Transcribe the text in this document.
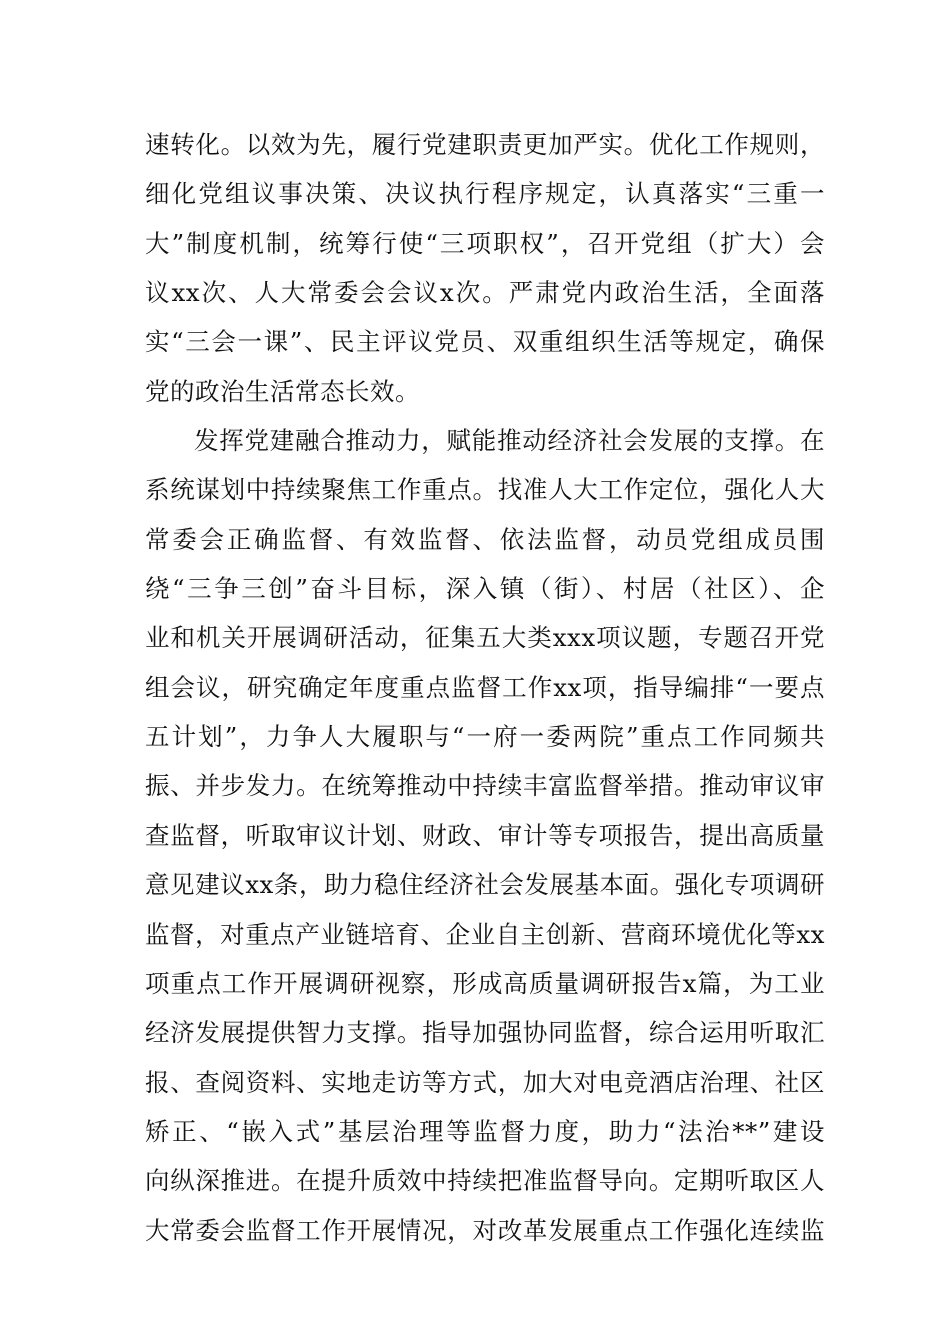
速转化。以效为先，履行党建职责更加严实。优化工作规则，
细化党组议事决策、决议执行程序规定，认真落实“三重一
大”制度机制，统筹行使“三项职权”，召开党组（扩大）会
议xx次、人大常委会会议x次。严肃党内政治生活，全面落
实“三会一课”、民主评议党员、双重组织生活等规定，确保
党的政治生活常态长效。
发挥党建融合推动力，赋能推动经济社会发展的支撑。在
系统谋划中持续聚焦工作重点。找准人大工作定位，强化人大
常委会正确监督、有效监督、依法监督，动员党组成员围
绕“三争三创”奋斗目标，深入镇（街）、村居（社区）、企
业和机关开展调研活动，征集五大类xxx项议题，专题召开党
组会议，研究确定年度重点监督工作xx项，指导编排“一要点
五计划”，力争人大履职与“一府一委两院”重点工作同频共
振、并步发力。在统筹推动中持续丰富监督举措。推动审议审
查监督，听取审议计划、财政、审计等专项报告，提出高质量
意见建议xx条，助力稳住经济社会发展基本面。强化专项调研
监督，对重点产业链培育、企业自主创新、营商环境优化等xx
项重点工作开展调研视察，形成高质量调研报告x篇，为工业
经济发展提供智力支撑。指导加强协同监督，综合运用听取汇
报、查阅资料、实地走访等方式，加大对电竞酒店治理、社区
矫正、“嵌入式”基层治理等监督力度，助力“法治**”建设
向纵深推进。在提升质效中持续把准监督导向。定期听取区人
大常委会监督工作开展情况，对改革发展重点工作强化连续监
